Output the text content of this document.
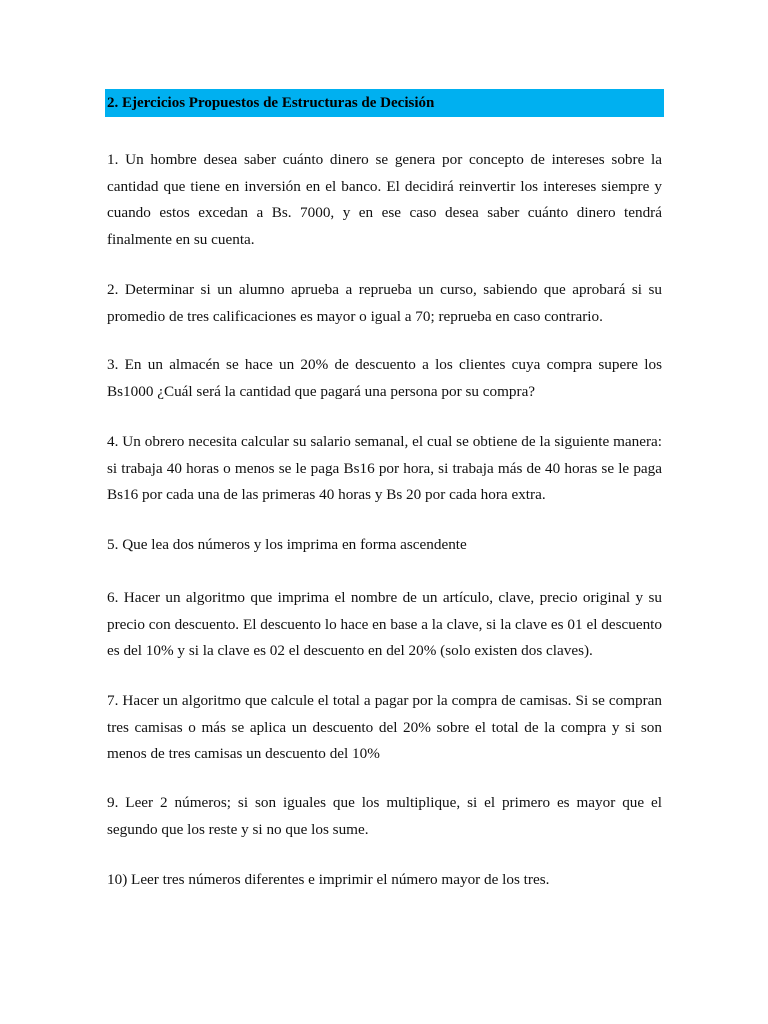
2. Ejercicios Propuestos de Estructuras de Decisión

1. Un hombre desea saber cuánto dinero se genera por concepto de intereses sobre la cantidad que tiene en inversión en el banco. El decidirá reinvertir los intereses siempre y cuando estos excedan a Bs. 7000, y en ese caso desea saber cuánto dinero tendrá finalmente en su cuenta.

2. Determinar si un alumno aprueba a reprueba un curso, sabiendo que aprobará si su promedio de tres calificaciones es mayor o igual a 70; reprueba en caso contrario.

3. En un almacén se hace un 20% de descuento a los clientes cuya compra supere los Bs1000 ¿Cuál será la cantidad que pagará una persona por su compra?

4. Un obrero necesita calcular su salario semanal, el cual se obtiene de la siguiente manera: si trabaja 40 horas o menos se le paga Bs16 por hora, si trabaja más de 40 horas se le paga Bs16 por cada una de las primeras 40 horas y Bs 20 por cada hora extra.

5. Que lea dos números y los imprima en forma ascendente

6. Hacer un algoritmo que imprima el nombre de un artículo, clave, precio original y su precio con descuento. El descuento lo hace en base a la clave, si la clave es 01 el descuento es del 10% y si la clave es 02 el descuento en del 20% (solo existen dos claves).

7. Hacer un algoritmo que calcule el total a pagar por la compra de camisas. Si se compran tres camisas o más se aplica un descuento del 20% sobre el total de la compra y si son menos de tres camisas un descuento del 10%

9. Leer 2 números; si son iguales que los multiplique, si el primero es mayor que el segundo que los reste y si no que los sume.

10) Leer tres números diferentes e imprimir el número mayor de los tres.
